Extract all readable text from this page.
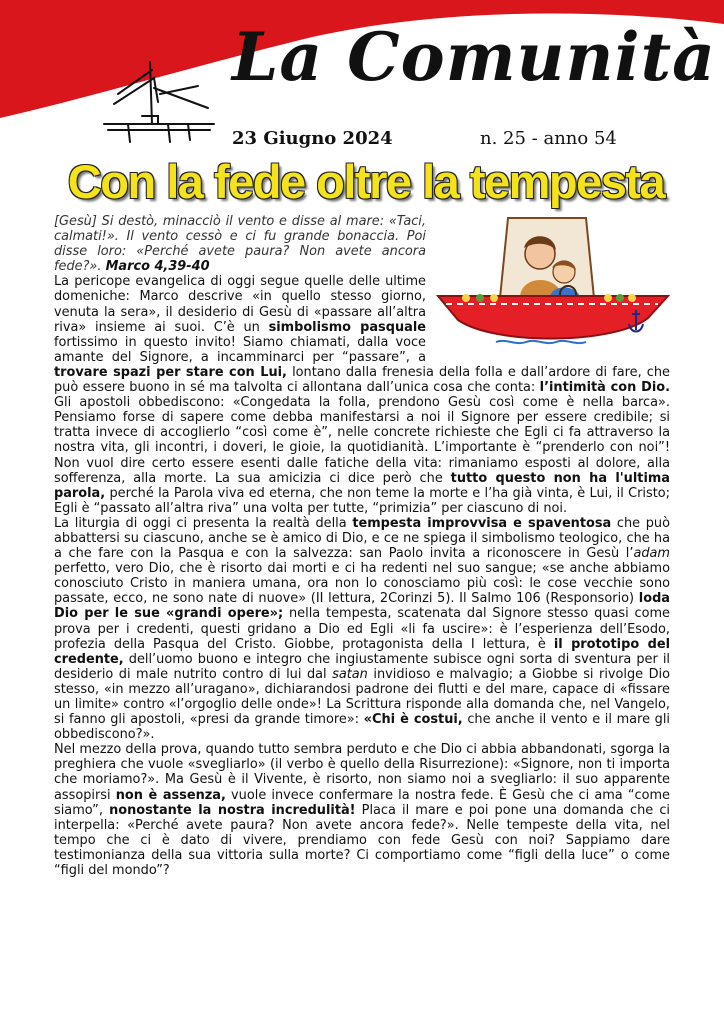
La Comunità
23 Giugno 2024	n. 25 - anno 54
Con la fede oltre la tempesta

[Gesù] Si destò, minacciò il vento e disse al mare: «Taci, calmati!». Il vento cessò e ci fu grande bonaccia. Poi disse loro: «Perché avete paura? Non avete ancora fede?». Marco 4,39-40

La pericope evangelica di oggi segue quelle delle ultime domeniche: Marco descrive «in quello stesso giorno, venuta la sera», il desiderio di Gesù di «passare all’altra riva» insieme ai suoi. C’è un simbolismo pasquale fortissimo in questo invito! Siamo chiamati, dalla voce amante del Signore, a incamminarci per “passare”, a trovare spazi per stare con Lui, lontano dalla frenesia della folla e dall’ardore di fare, che può essere buono in sé ma talvolta ci allontana dall’unica cosa che conta: l’intimità con Dio. Gli apostoli obbediscono: «Congedata la folla, prendono Gesù così come è nella barca». Pensiamo forse di sapere come debba manifestarsi a noi il Signore per essere credibile; si tratta invece di accoglierlo “così come è”, nelle concrete richieste che Egli ci fa attraverso la nostra vita, gli incontri, i doveri, le gioie, la quotidianità. L’importante è “prenderlo con noi”! Non vuol dire certo essere esenti dalle fatiche della vita: rimaniamo esposti al dolore, alla sofferenza, alla morte. La sua amicizia ci dice però che tutto questo non ha l'ultima parola, perché la Parola viva ed eterna, che non teme la morte e l’ha già vinta, è Lui, il Cristo; Egli è “passato all’altra riva” una volta per tutte, “primizia” per ciascuno di noi.

La liturgia di oggi ci presenta la realtà della tempesta improvvisa e spaventosa che può abbattersi su ciascuno, anche se è amico di Dio, e ce ne spiega il simbolismo teologico, che ha a che fare con la Pasqua e con la salvezza: san Paolo invita a riconoscere in Gesù l’adam perfetto, vero Dio, che è risorto dai morti e ci ha redenti nel suo sangue; «se anche abbiamo conosciuto Cristo in maniera umana, ora non lo conosciamo più così: le cose vecchie sono passate, ecco, ne sono nate di nuove» (II lettura, 2Corinzi 5). Il Salmo 106 (Responsorio) loda Dio per le sue «grandi opere»; nella tempesta, scatenata dal Signore stesso quasi come prova per i credenti, questi gridano a Dio ed Egli «li fa uscire»: è l’esperienza dell’Esodo, profezia della Pasqua del Cristo. Giobbe, protagonista della I lettura, è il prototipo del credente, dell’uomo buono e integro che ingiustamente subisce ogni sorta di sventura per il desiderio di male nutrito contro di lui dal satan invidioso e malvagio; a Giobbe si rivolge Dio stesso, «in mezzo all’uragano», dichiarandosi padrone dei flutti e del mare, capace di «fissare un limite» contro «l’orgoglio delle onde»! La Scrittura risponde alla domanda che, nel Vangelo, si fanno gli apostoli, «presi da grande timore»: «Chi è costui, che anche il vento e il mare gli obbediscono?».

Nel mezzo della prova, quando tutto sembra perduto e che Dio ci abbia abbandonati, sgorga la preghiera che vuole «svegliarlo» (il verbo è quello della Risurrezione): «Signore, non ti importa che moriamo?». Ma Gesù è il Vivente, è risorto, non siamo noi a svegliarlo: il suo apparente assopirsi non è assenza, vuole invece confermare la nostra fede. È Gesù che ci ama “come siamo”, nonostante la nostra incredulità! Placa il mare e poi pone una domanda che ci interpella: «Perché avete paura? Non avete ancora fede?». Nelle tempeste della vita, nel tempo che ci è dato di vivere, prendiamo con fede Gesù con noi? Sappiamo dare testimonianza della sua vittoria sulla morte? Ci comportiamo come “figli della luce” o come “figli del mondo”?
